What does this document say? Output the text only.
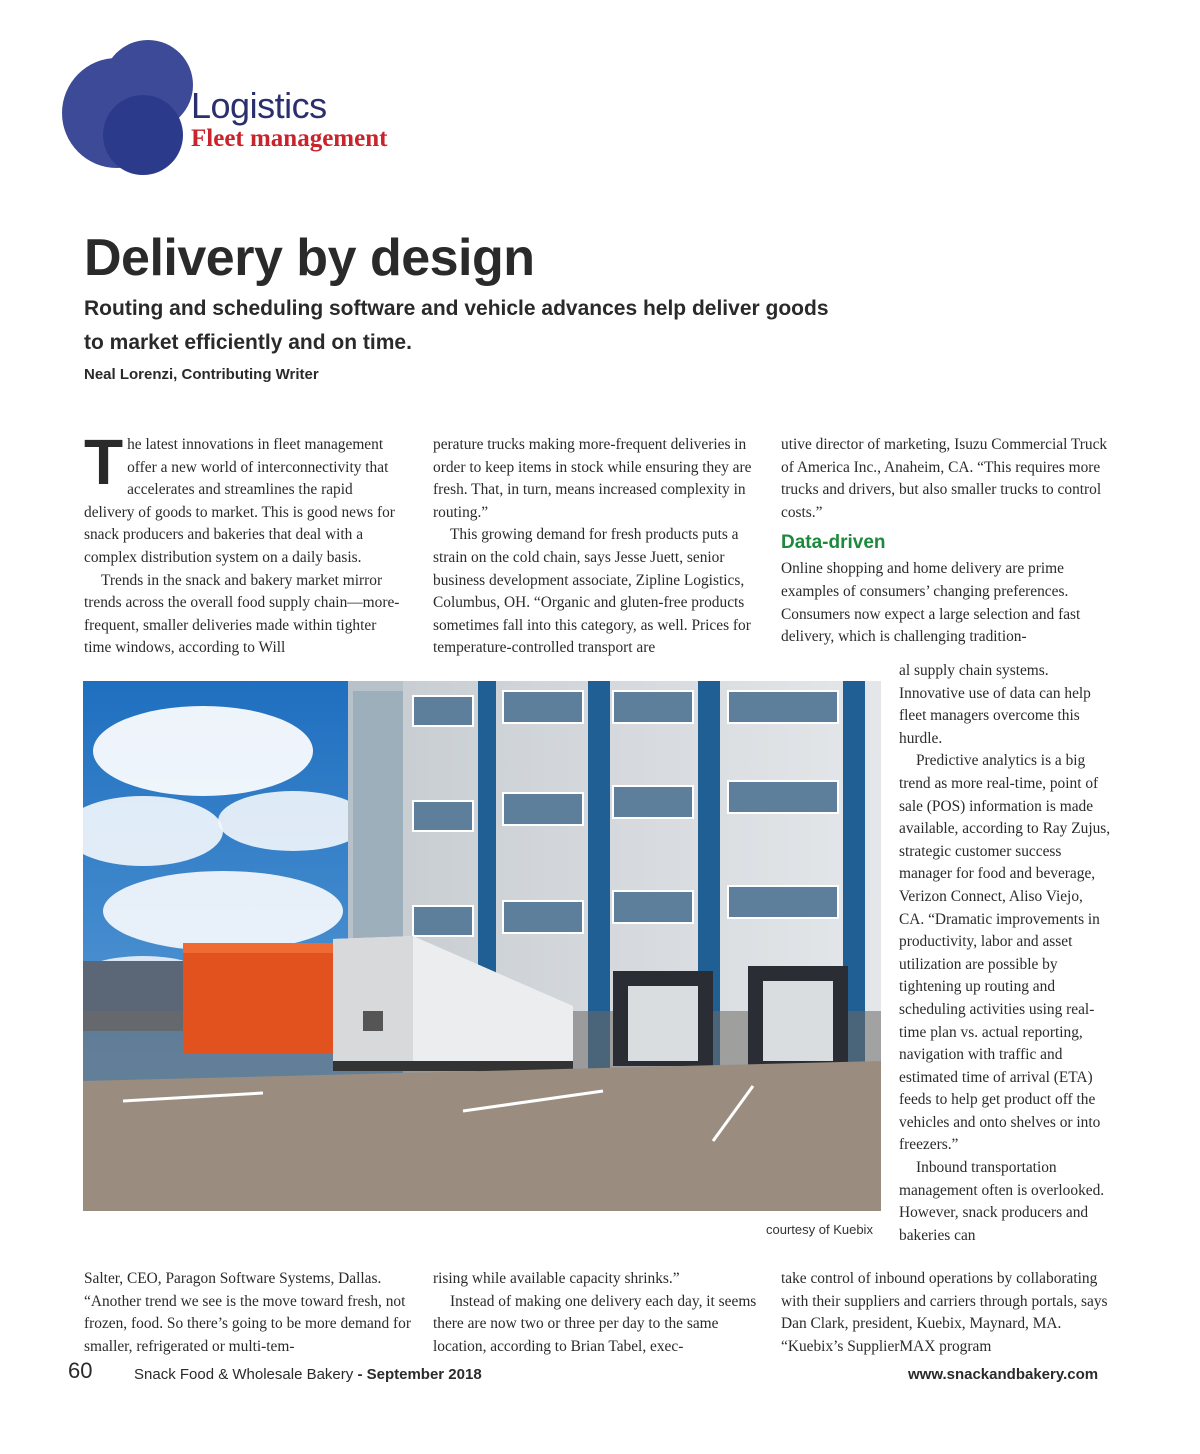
Logistics
Fleet management
Delivery by design
Routing and scheduling software and vehicle advances help deliver goods to market efficiently and on time.
Neal Lorenzi, Contributing Writer

The latest innovations in fleet management offer a new world of interconnectivity that accelerates and streamlines the rapid delivery of goods to market. This is good news for snack producers and bakeries that deal with a complex distribution system on a daily basis.

Trends in the snack and bakery market mirror trends across the overall food supply chain—more-frequent, smaller deliveries made within tighter time windows, according to Will

perature trucks making more-frequent deliveries in order to keep items in stock while ensuring they are fresh. That, in turn, means increased complexity in routing.”

This growing demand for fresh products puts a strain on the cold chain, says Jesse Juett, senior business development associate, Zipline Logistics, Columbus, OH. “Organic and gluten-free products sometimes fall into this category, as well. Prices for temperature-controlled transport are

utive director of marketing, Isuzu Commercial Truck of America Inc., Anaheim, CA. “This requires more trucks and drivers, but also smaller trucks to control costs.”

Data-driven

Online shopping and home delivery are prime examples of consumers’ changing preferences. Consumers now expect a large selection and fast delivery, which is challenging tradition-

al supply chain systems. Innovative use of data can help fleet managers overcome this hurdle.

Predictive analytics is a big trend as more real-time, point of sale (POS) information is made available, according to Ray Zujus, strategic customer success manager for food and beverage, Verizon Connect, Aliso Viejo, CA. “Dramatic improvements in productivity, labor and asset utilization are possible by tightening up routing and scheduling activities using real-time plan vs. actual reporting, navigation with traffic and estimated time of arrival (ETA) feeds to help get product off the vehicles and onto shelves or into freezers.”

Inbound transportation management often is overlooked. However, snack producers and bakeries can

courtesy of Kuebix

Salter, CEO, Paragon Software Systems, Dallas. “Another trend we see is the move toward fresh, not frozen, food. So there’s going to be more demand for smaller, refrigerated or multi-tem-

rising while available capacity shrinks.”

Instead of making one delivery each day, it seems there are now two or three per day to the same location, according to Brian Tabel, exec-

take control of inbound operations by collaborating with their suppliers and carriers through portals, says Dan Clark, president, Kuebix, Maynard, MA. “Kuebix’s SupplierMAX program

60	Snack Food & Wholesale Bakery - September 2018	www.snackandbakery.com
